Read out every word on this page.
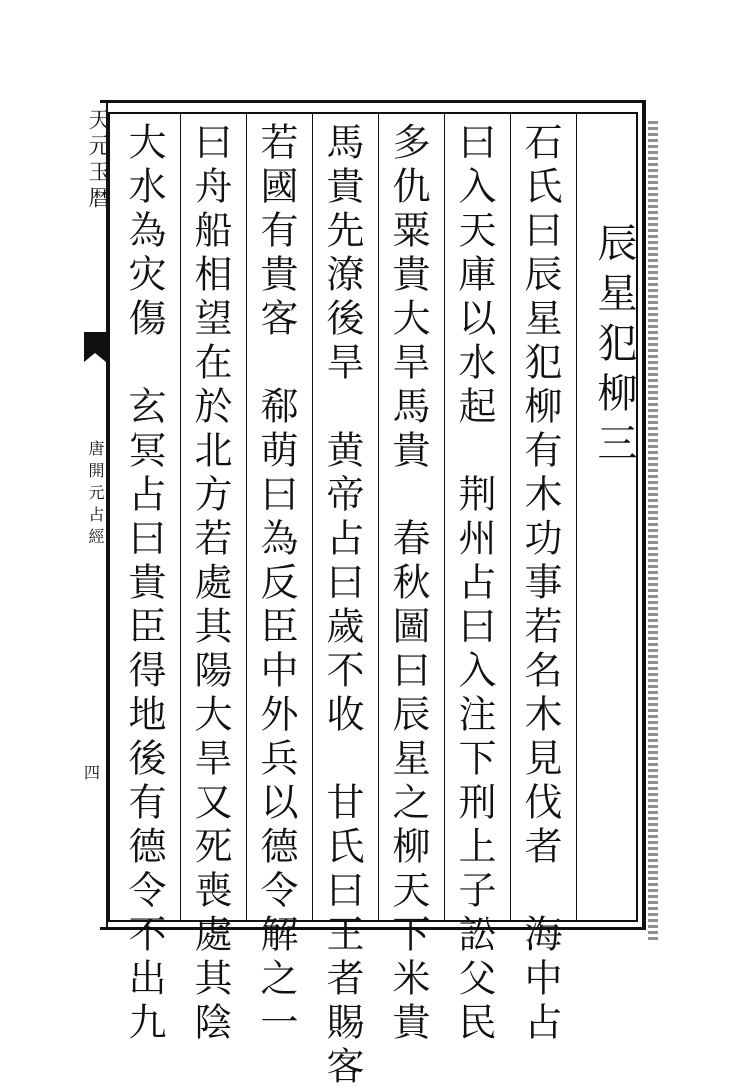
天元玉暦
唐開元占經
四
辰星犯柳三
石氏曰辰星犯柳有木功事若名木見伐者　海中占
曰入天庫以水起　荆州占曰入注下刑上子訟父民
多仇粟貴大旱馬貴　春秋圖曰辰星之柳天下米貴
馬貴先潦後旱　黄帝占曰歲不收　甘氏曰王者賜客
若國有貴客　郗萌曰為反臣中外兵以德令解之一
曰舟船相望在於北方若處其陽大旱又死喪處其陰
大水為灾傷　玄冥占曰貴臣得地後有德令不出九
